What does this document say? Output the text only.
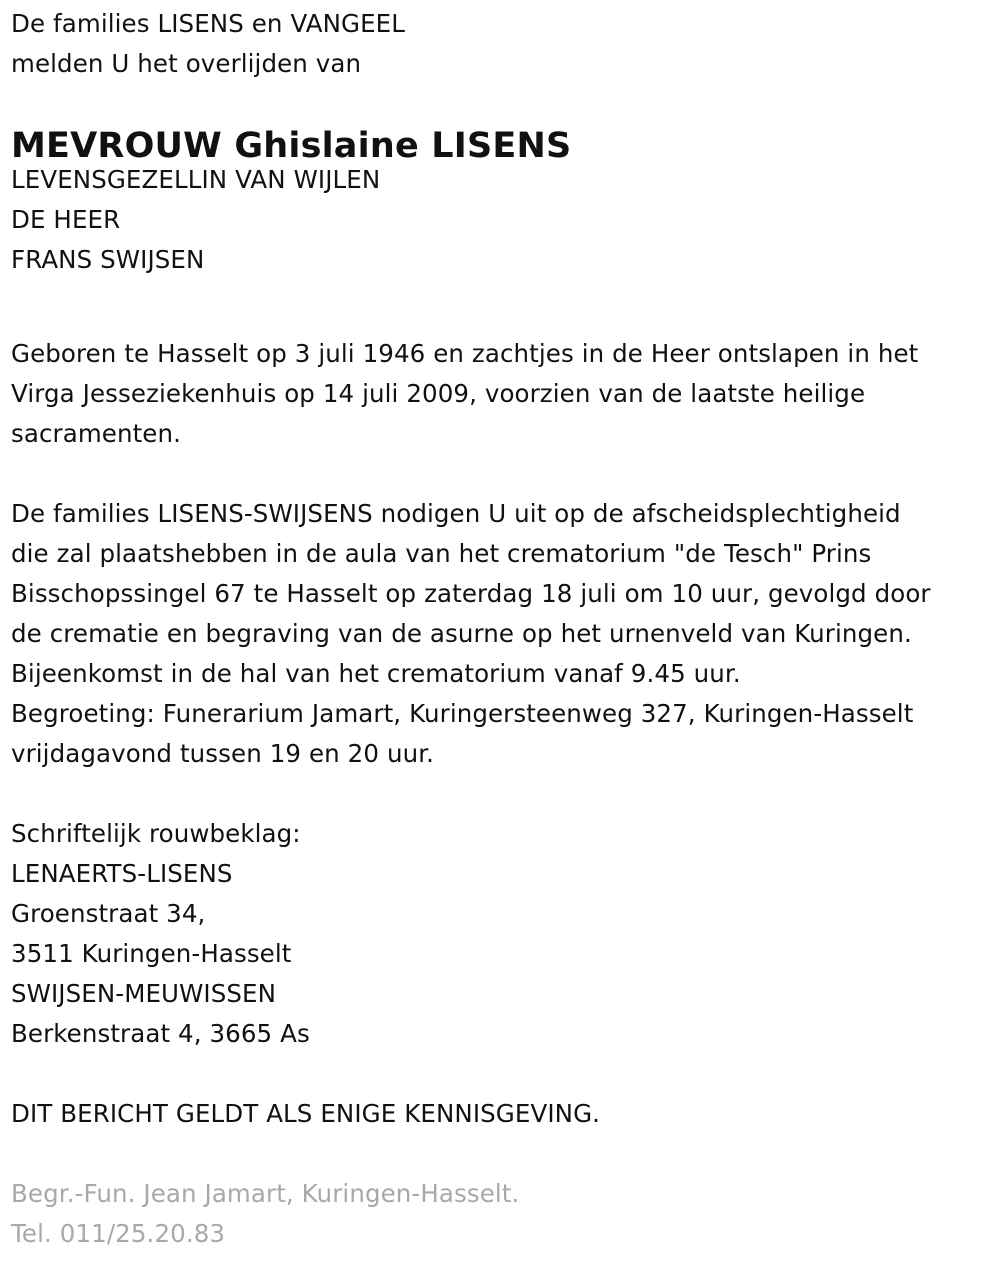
De families LISENS en VANGEEL
melden U het overlijden van
MEVROUW Ghislaine LISENS
LEVENSGEZELLIN VAN WIJLEN
DE HEER
FRANS SWIJSEN
Geboren te Hasselt op 3 juli 1946 en zachtjes in de Heer ontslapen in het
Virga Jesseziekenhuis op 14 juli 2009, voorzien van de laatste heilige
sacramenten.
De families LISENS-SWIJSENS nodigen U uit op de afscheidsplechtigheid
die zal plaatshebben in de aula van het crematorium "de Tesch" Prins
Bisschopssingel 67 te Hasselt op zaterdag 18 juli om 10 uur, gevolgd door
de crematie en begraving van de asurne op het urnenveld van Kuringen.
Bijeenkomst in de hal van het crematorium vanaf 9.45 uur.
Begroeting: Funerarium Jamart, Kuringersteenweg 327, Kuringen-Hasselt
vrijdagavond tussen 19 en 20 uur.
Schriftelijk rouwbeklag:
LENAERTS-LISENS
Groenstraat 34,
3511 Kuringen-Hasselt
SWIJSEN-MEUWISSEN
Berkenstraat 4, 3665 As
DIT BERICHT GELDT ALS ENIGE KENNISGEVING.
Begr.-Fun. Jean Jamart, Kuringen-Hasselt.
Tel. 011/25.20.83
